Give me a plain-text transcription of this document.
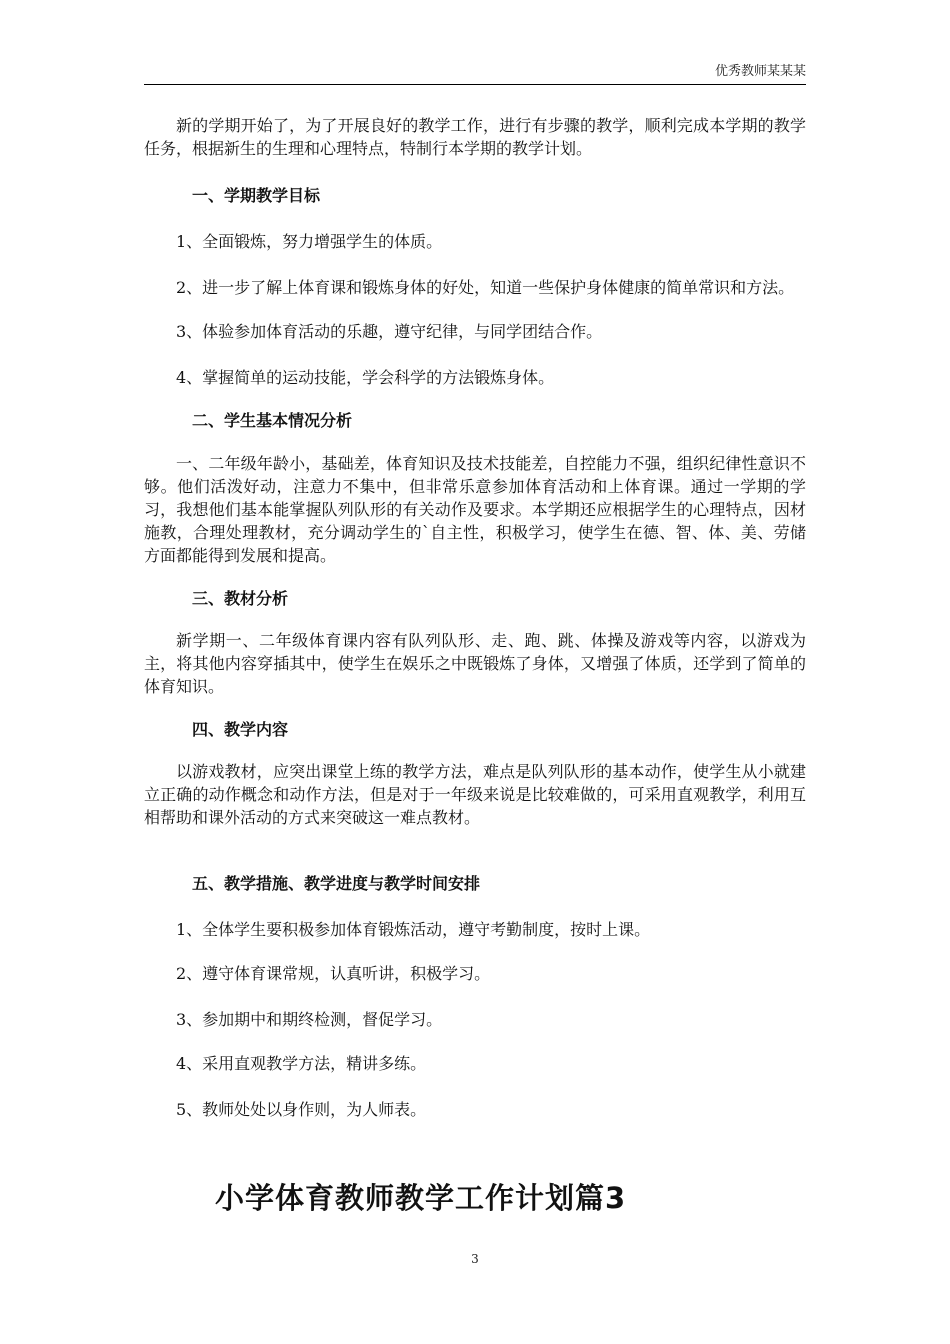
优秀教师某某某

新的学期开始了，为了开展良好的教学工作，进行有步骤的教学，顺利完成本学期的教学任务，根据新生的生理和心理特点，特制行本学期的教学计划。

一、学期教学目标

1、全面锻炼，努力增强学生的体质。

2、进一步了解上体育课和锻炼身体的好处，知道一些保护身体健康的简单常识和方法。

3、体验参加体育活动的乐趣，遵守纪律，与同学团结合作。

4、掌握简单的运动技能，学会科学的方法锻炼身体。

二、学生基本情况分析

一、二年级年龄小，基础差，体育知识及技术技能差，自控能力不强，组织纪律性意识不够。他们活泼好动，注意力不集中，但非常乐意参加体育活动和上体育课。通过一学期的学习，我想他们基本能掌握队列队形的有关动作及要求。本学期还应根据学生的心理特点，因材施教，合理处理教材，充分调动学生的`自主性，积极学习，使学生在德、智、体、美、劳储方面都能得到发展和提高。

三、教材分析

新学期一、二年级体育课内容有队列队形、走、跑、跳、体操及游戏等内容，以游戏为主，将其他内容穿插其中，使学生在娱乐之中既锻炼了身体，又增强了体质，还学到了简单的体育知识。

四、教学内容

以游戏教材，应突出课堂上练的教学方法，难点是队列队形的基本动作，使学生从小就建立正确的动作概念和动作方法，但是对于一年级来说是比较难做的，可采用直观教学，利用互相帮助和课外活动的方式来突破这一难点教材。

五、教学措施、教学进度与教学时间安排

1、全体学生要积极参加体育锻炼活动，遵守考勤制度，按时上课。

2、遵守体育课常规，认真听讲，积极学习。

3、参加期中和期终检测，督促学习。

4、采用直观教学方法，精讲多练。

5、教师处处以身作则，为人师表。

小学体育教师教学工作计划篇3
3
